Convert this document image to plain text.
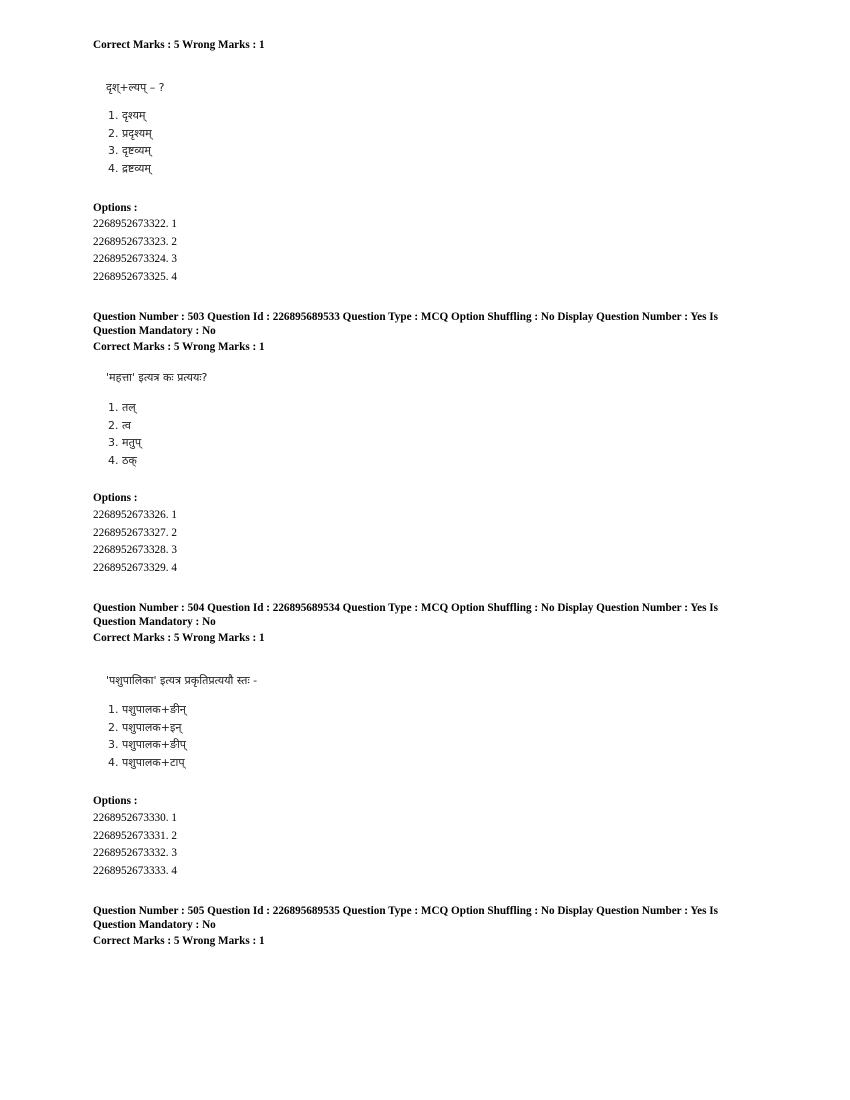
Correct Marks : 5 Wrong Marks : 1
दृश्+ल्यप् – ?
1. दृश्यम्
2. प्रदृश्यम्
3. दृष्टव्यम्
4. द्रष्टव्यम्
Options :
2268952673322. 1
2268952673323. 2
2268952673324. 3
2268952673325. 4
Question Number : 503 Question Id : 226895689533 Question Type : MCQ Option Shuffling : No Display Question Number : Yes Is
Question Mandatory : No
Correct Marks : 5 Wrong Marks : 1
'महत्ता' इत्यत्र कः प्रत्ययः?
1. तल्
2. त्व
3. मतुप्
4. ठक्
Options :
2268952673326. 1
2268952673327. 2
2268952673328. 3
2268952673329. 4
Question Number : 504 Question Id : 226895689534 Question Type : MCQ Option Shuffling : No Display Question Number : Yes Is
Question Mandatory : No
Correct Marks : 5 Wrong Marks : 1
'पशुपालिका' इत्यत्र प्रकृतिप्रत्ययौ स्तः -
1. पशुपालक+ङीन्
2. पशुपालक+इन्
3. पशुपालक+ङीप्
4. पशुपालक+टाप्
Options :
2268952673330. 1
2268952673331. 2
2268952673332. 3
2268952673333. 4
Question Number : 505 Question Id : 226895689535 Question Type : MCQ Option Shuffling : No Display Question Number : Yes Is
Question Mandatory : No
Correct Marks : 5 Wrong Marks : 1
